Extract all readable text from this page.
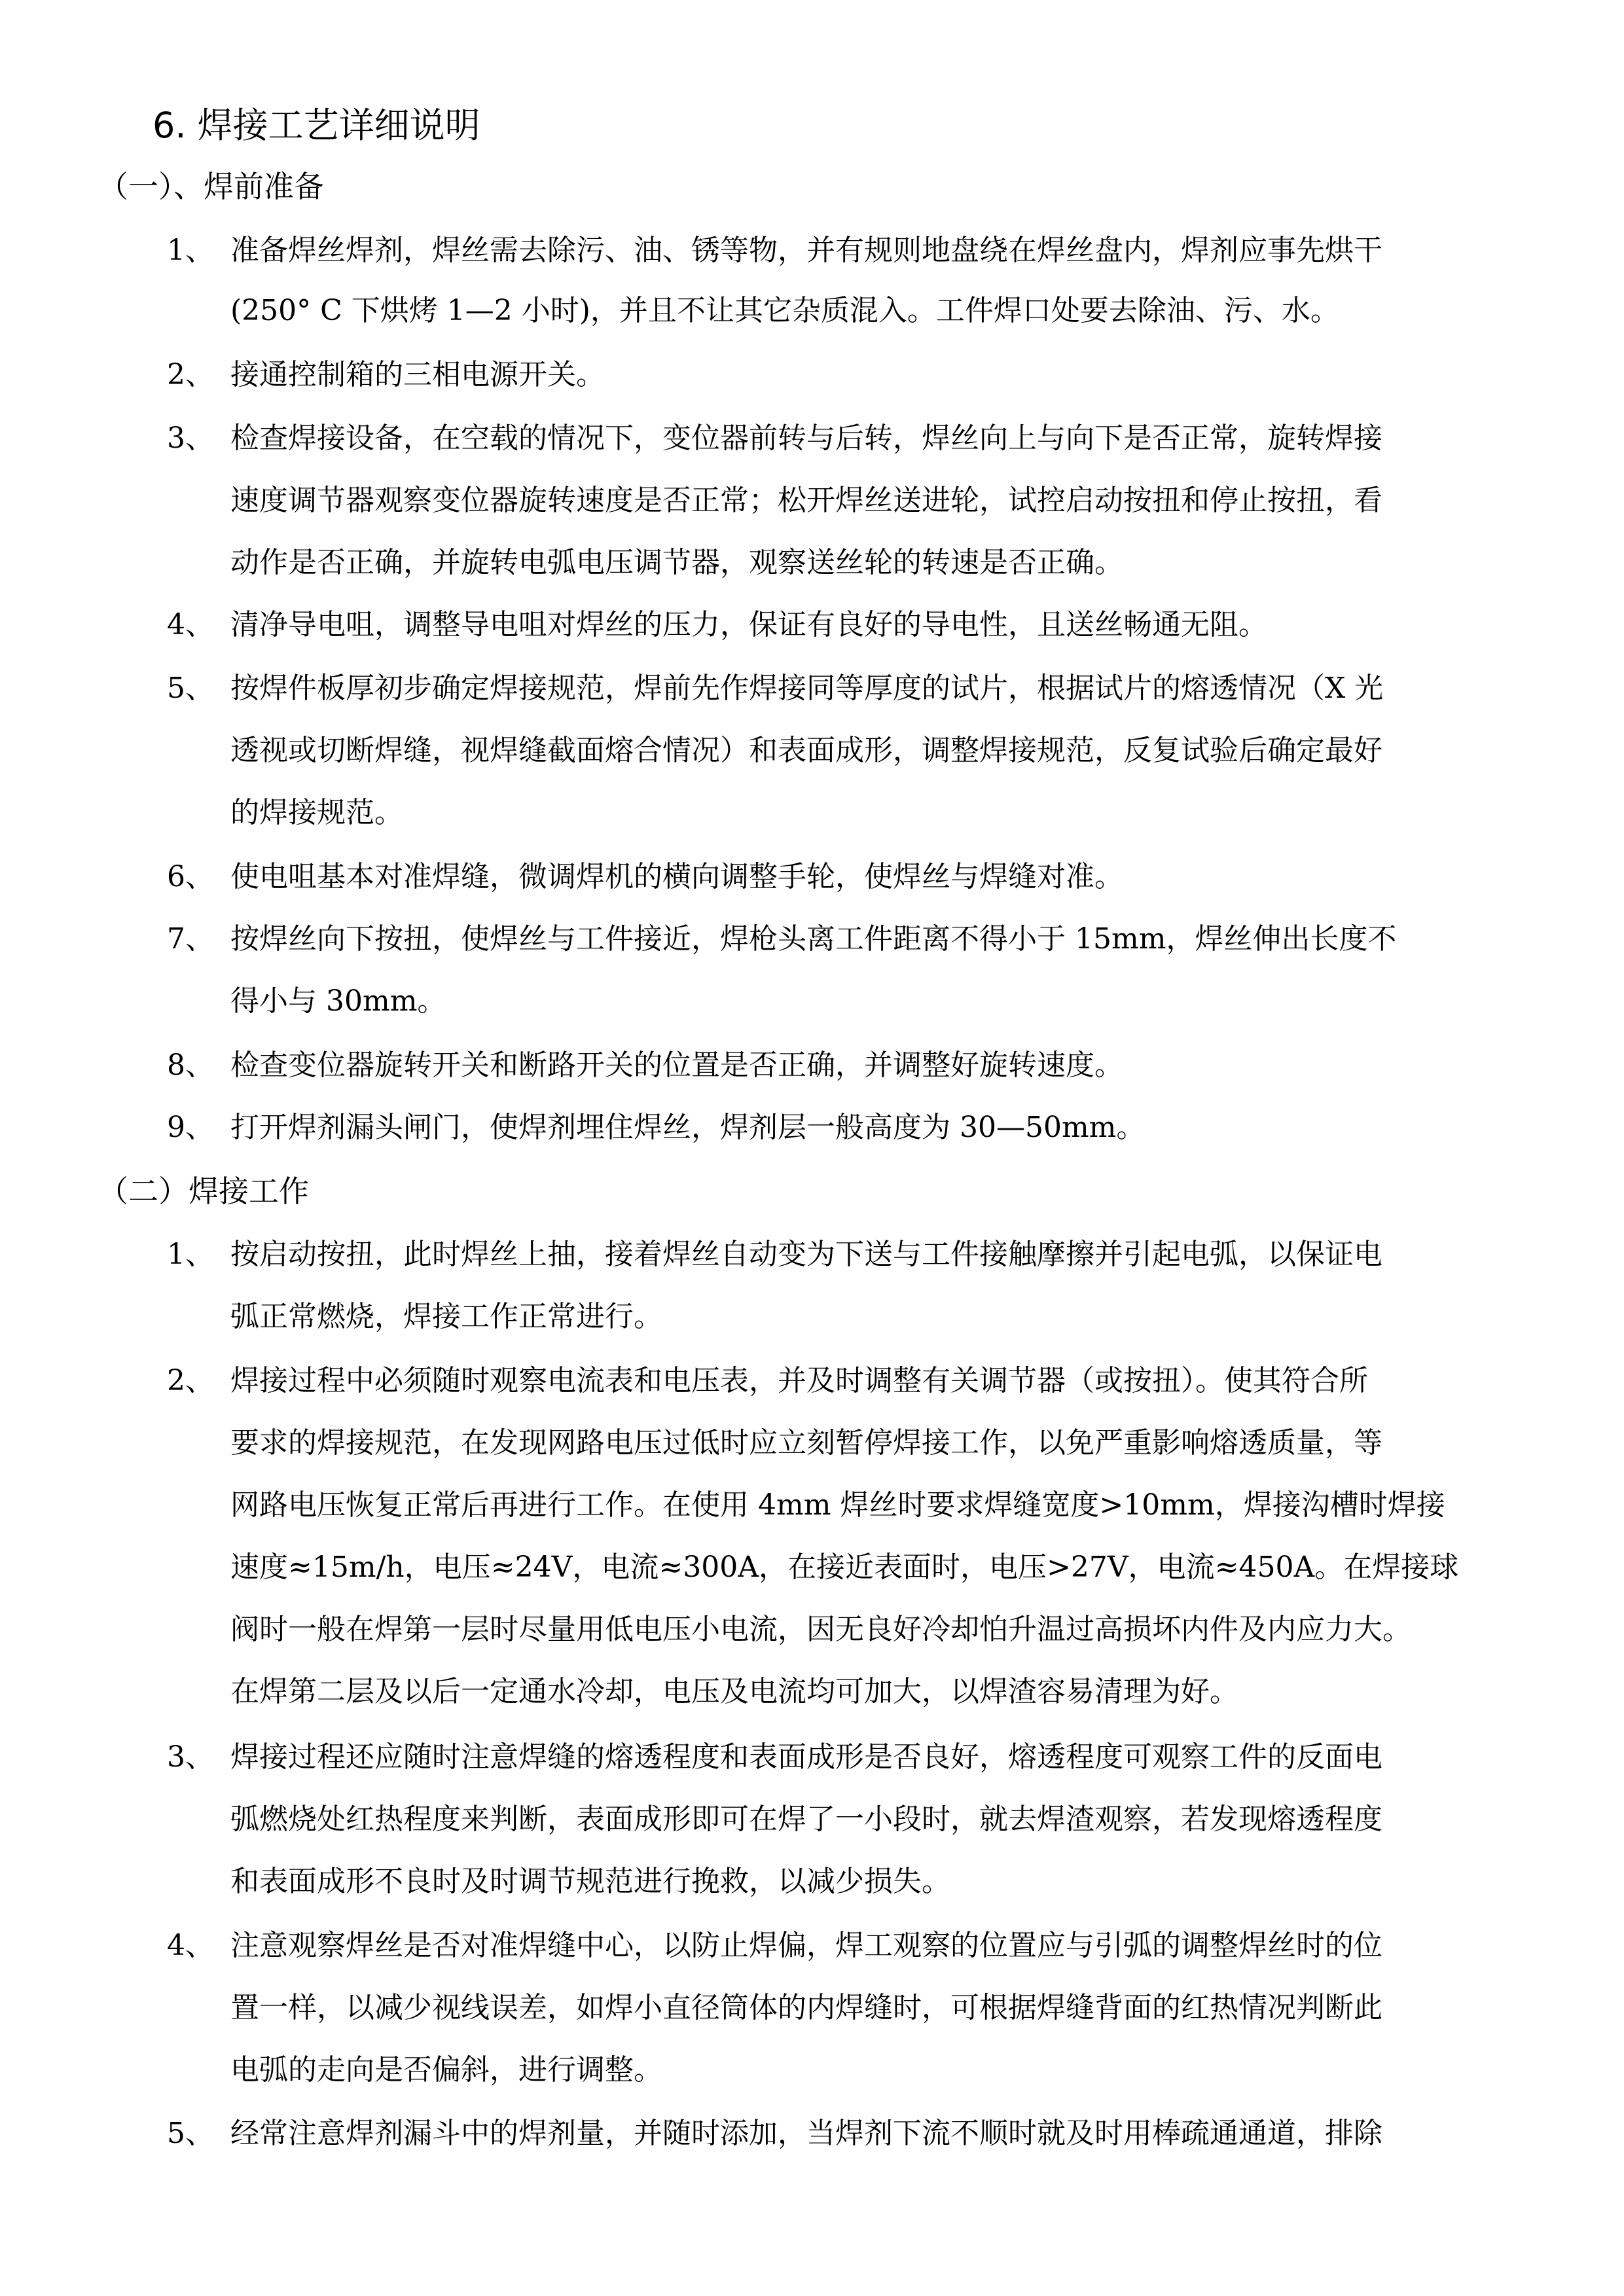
6. 焊接工艺详细说明
（一）、焊前准备
1、 准备焊丝焊剂，焊丝需去除污、油、锈等物，并有规则地盘绕在焊丝盘内，焊剂应事先烘干
(250° C 下烘烤 1—2 小时)，并且不让其它杂质混入。工件焊口处要去除油、污、水。
2、 接通控制箱的三相电源开关。
3、 检查焊接设备，在空载的情况下，变位器前转与后转，焊丝向上与向下是否正常，旋转焊接
速度调节器观察变位器旋转速度是否正常；松开焊丝送进轮，试控启动按扭和停止按扭，看
动作是否正确，并旋转电弧电压调节器，观察送丝轮的转速是否正确。
4、 清净导电咀，调整导电咀对焊丝的压力，保证有良好的导电性，且送丝畅通无阻。
5、 按焊件板厚初步确定焊接规范，焊前先作焊接同等厚度的试片，根据试片的熔透情况（X 光
透视或切断焊缝，视焊缝截面熔合情况）和表面成形，调整焊接规范，反复试验后确定最好
的焊接规范。
6、 使电咀基本对准焊缝，微调焊机的横向调整手轮，使焊丝与焊缝对准。
7、 按焊丝向下按扭，使焊丝与工件接近，焊枪头离工件距离不得小于 15mm，焊丝伸出长度不
得小与 30mm。
8、 检查变位器旋转开关和断路开关的位置是否正确，并调整好旋转速度。
9、 打开焊剂漏头闸门，使焊剂埋住焊丝，焊剂层一般高度为 30—50mm。
（二）焊接工作
1、 按启动按扭，此时焊丝上抽，接着焊丝自动变为下送与工件接触摩擦并引起电弧，以保证电
弧正常燃烧，焊接工作正常进行。
2、 焊接过程中必须随时观察电流表和电压表，并及时调整有关调节器（或按扭）。使其符合所
要求的焊接规范，在发现网路电压过低时应立刻暂停焊接工作，以免严重影响熔透质量，等
网路电压恢复正常后再进行工作。在使用 4mm 焊丝时要求焊缝宽度>10mm，焊接沟槽时焊接
速度≈15m/h，电压≈24V，电流≈300A，在接近表面时，电压>27V，电流≈450A。在焊接球
阀时一般在焊第一层时尽量用低电压小电流，因无良好冷却怕升温过高损坏内件及内应力大。
在焊第二层及以后一定通水冷却，电压及电流均可加大，以焊渣容易清理为好。
3、 焊接过程还应随时注意焊缝的熔透程度和表面成形是否良好，熔透程度可观察工件的反面电
弧燃烧处红热程度来判断，表面成形即可在焊了一小段时，就去焊渣观察，若发现熔透程度
和表面成形不良时及时调节规范进行挽救，以减少损失。
4、 注意观察焊丝是否对准焊缝中心，以防止焊偏，焊工观察的位置应与引弧的调整焊丝时的位
置一样，以减少视线误差，如焊小直径筒体的内焊缝时，可根据焊缝背面的红热情况判断此
电弧的走向是否偏斜，进行调整。
5、 经常注意焊剂漏斗中的焊剂量，并随时添加，当焊剂下流不顺时就及时用棒疏通通道，排除
